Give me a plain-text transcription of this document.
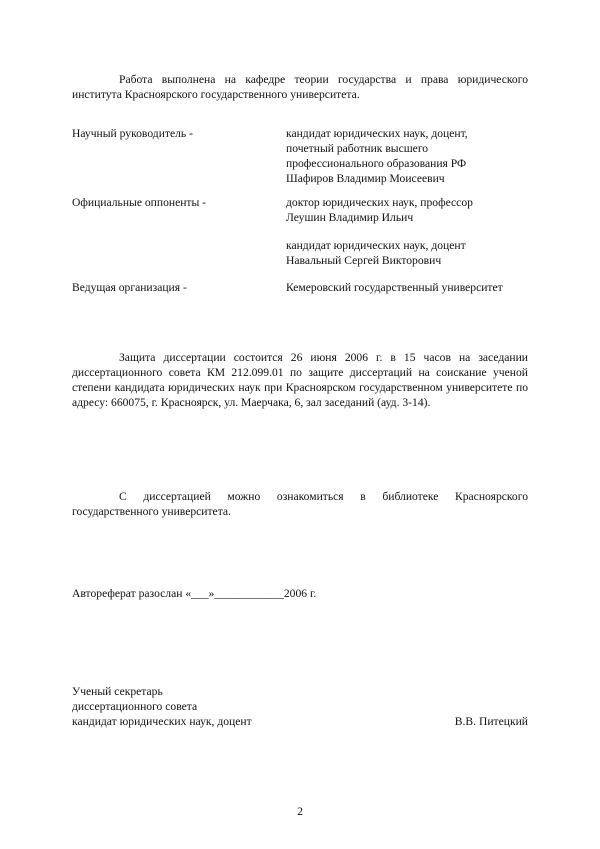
Работа выполнена на кафедре теории государства и права юридического института Красноярского государственного университета.

Научный руководитель -	кандидат юридических наук, доцент,
почетный работник высшего
профессионального образования РФ
Шафиров Владимир Моисеевич
Официальные оппоненты -	доктор юридических наук, профессор
Леушин Владимир Ильич
кандидат юридических наук, доцент
Навальный Сергей Викторович
Ведущая организация -	Кемеровский государственный университет

Защита диссертации состоится 26 июня 2006 г. в 15 часов на заседании диссертационного совета КМ 212.099.01 по защите диссертаций на соискание ученой степени кандидата юридических наук при Красноярском государственном университете по адресу: 660075, г. Красноярск, ул. Маерчака, 6, зал заседаний (ауд. 3-14).

С диссертацией можно ознакомиться в библиотеке Красноярского государственного университета.

Автореферат разослан «___»____________2006 г.
Ученый секретарь
диссертационного совета
кандидат юридических наук, доцент	В.В. Питецкий
2
